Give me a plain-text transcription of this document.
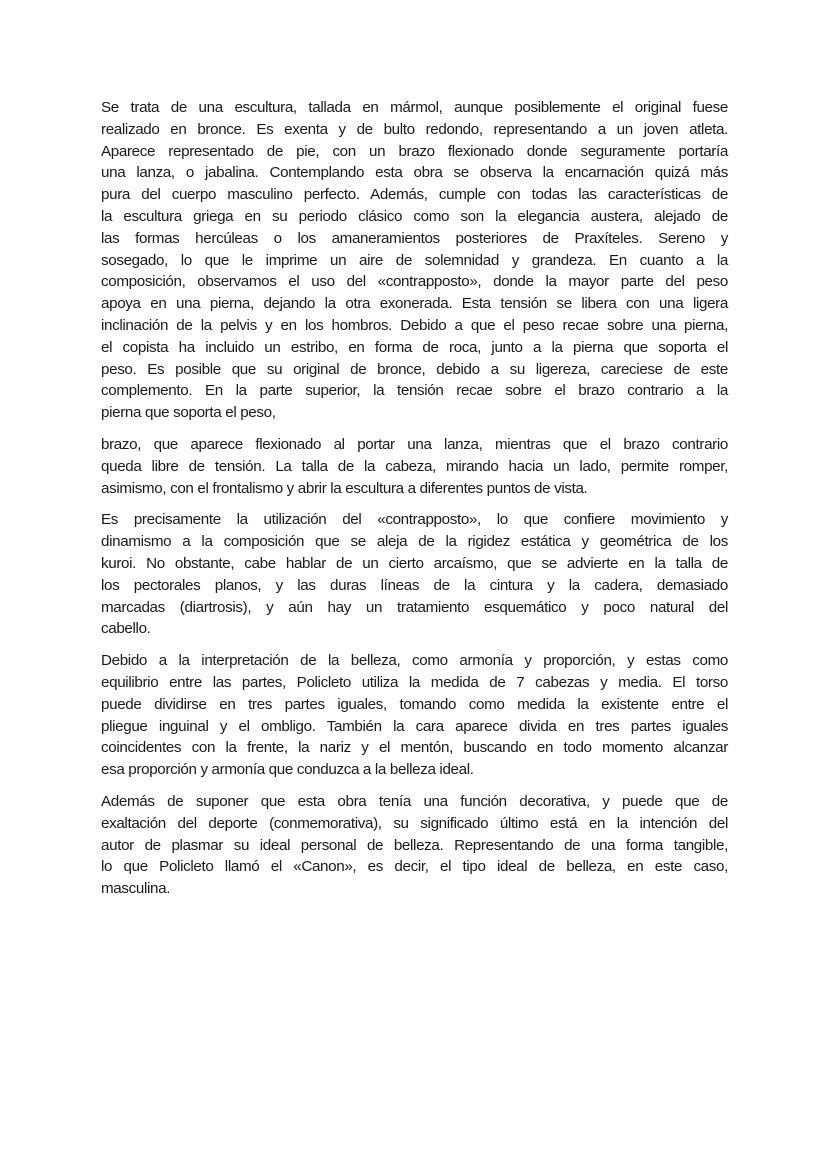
Se trata de una escultura, tallada en mármol, aunque posiblemente el original fuese
realizado en bronce. Es exenta y de bulto redondo, representando a un joven atleta.
Aparece representado de pie, con un brazo flexionado donde seguramente portaría
una lanza, o jabalina. Contemplando esta obra se observa la encarnación quizá más
pura del cuerpo masculino perfecto. Además, cumple con todas las características de
la escultura griega en su periodo clásico como son la elegancia austera, alejado de
las formas hercúleas o los amaneramientos posteriores de Praxíteles. Sereno y
sosegado, lo que le imprime un aire de solemnidad y grandeza. En cuanto a la
composición, observamos el uso del «contrapposto», donde la mayor parte del peso
apoya en una pierna, dejando la otra exonerada. Esta tensión se libera con una ligera
inclinación de la pelvis y en los hombros. Debido a que el peso recae sobre una pierna,
el copista ha incluido un estribo, en forma de roca, junto a la pierna que soporta el
peso. Es posible que su original de bronce, debido a su ligereza, careciese de este
complemento. En la parte superior, la tensión recae sobre el brazo contrario a la
pierna que soporta el peso,

brazo, que aparece flexionado al portar una lanza, mientras que el brazo contrario
queda libre de tensión. La talla de la cabeza, mirando hacia un lado, permite romper,
asimismo, con el frontalismo y abrir la escultura a diferentes puntos de vista.

Es precisamente la utilización del «contrapposto», lo que confiere movimiento y
dinamismo a la composición que se aleja de la rigidez estática y geométrica de los
kuroi. No obstante, cabe hablar de un cierto arcaísmo, que se advierte en la talla de
los pectorales planos, y las duras líneas de la cintura y la cadera, demasiado
marcadas (diartrosis), y aún hay un tratamiento esquemático y poco natural del
cabello.

Debido a la interpretación de la belleza, como armonía y proporción, y estas como
equilibrio entre las partes, Policleto utiliza la medida de 7 cabezas y media. El torso
puede dividirse en tres partes iguales, tomando como medida la existente entre el
pliegue inguinal y el ombligo. También la cara aparece divida en tres partes iguales
coincidentes con la frente, la nariz y el mentón, buscando en todo momento alcanzar
esa proporción y armonía que conduzca a la belleza ideal.

Además de suponer que esta obra tenía una función decorativa, y puede que de
exaltación del deporte (conmemorativa), su significado último está en la intención del
autor de plasmar su ideal personal de belleza. Representando de una forma tangible,
lo que Policleto llamó el «Canon», es decir, el tipo ideal de belleza, en este caso,
masculina.
